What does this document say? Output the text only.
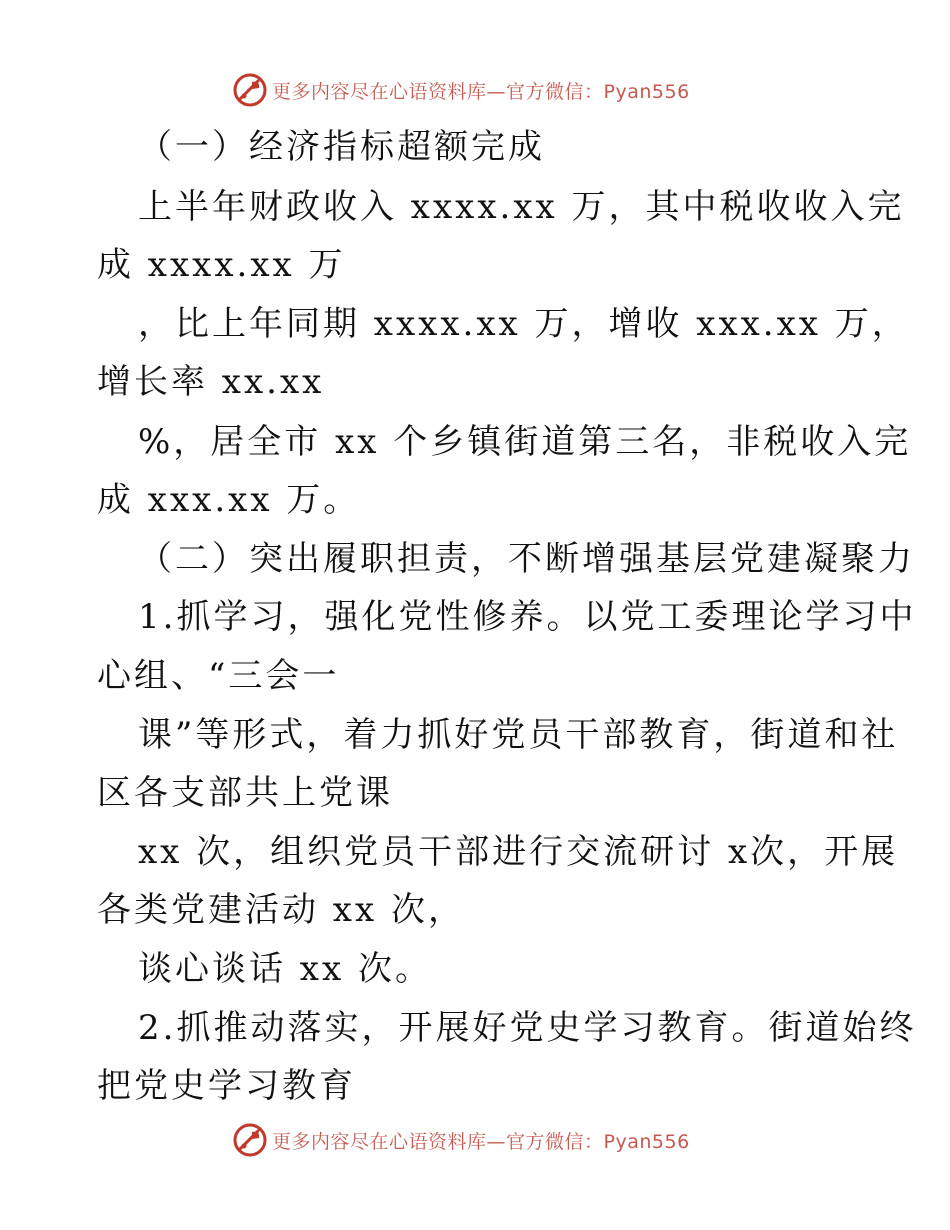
更多内容尽在心语资料库—官方微信：Pyan556

（一）经济指标超额完成

上半年财政收入 xxxx.xx 万，其中税收收入完

成 xxxx.xx 万

，比上年同期 xxxx.xx 万，增收 xxx.xx 万，

增长率 xx.xx

%，居全市 xx 个乡镇街道第三名，非税收入完

成 xxx.xx 万。

（二）突出履职担责，不断增强基层党建凝聚力

1.抓学习，强化党性修养。以党工委理论学习中

心组、“三会一

课”等形式，着力抓好党员干部教育，街道和社

区各支部共上党课

xx 次，组织党员干部进行交流研讨 x次，开展

各类党建活动 xx 次，

谈心谈话 xx 次。

2.抓推动落实，开展好党史学习教育。街道始终

把党史学习教育

更多内容尽在心语资料库—官方微信：Pyan556
